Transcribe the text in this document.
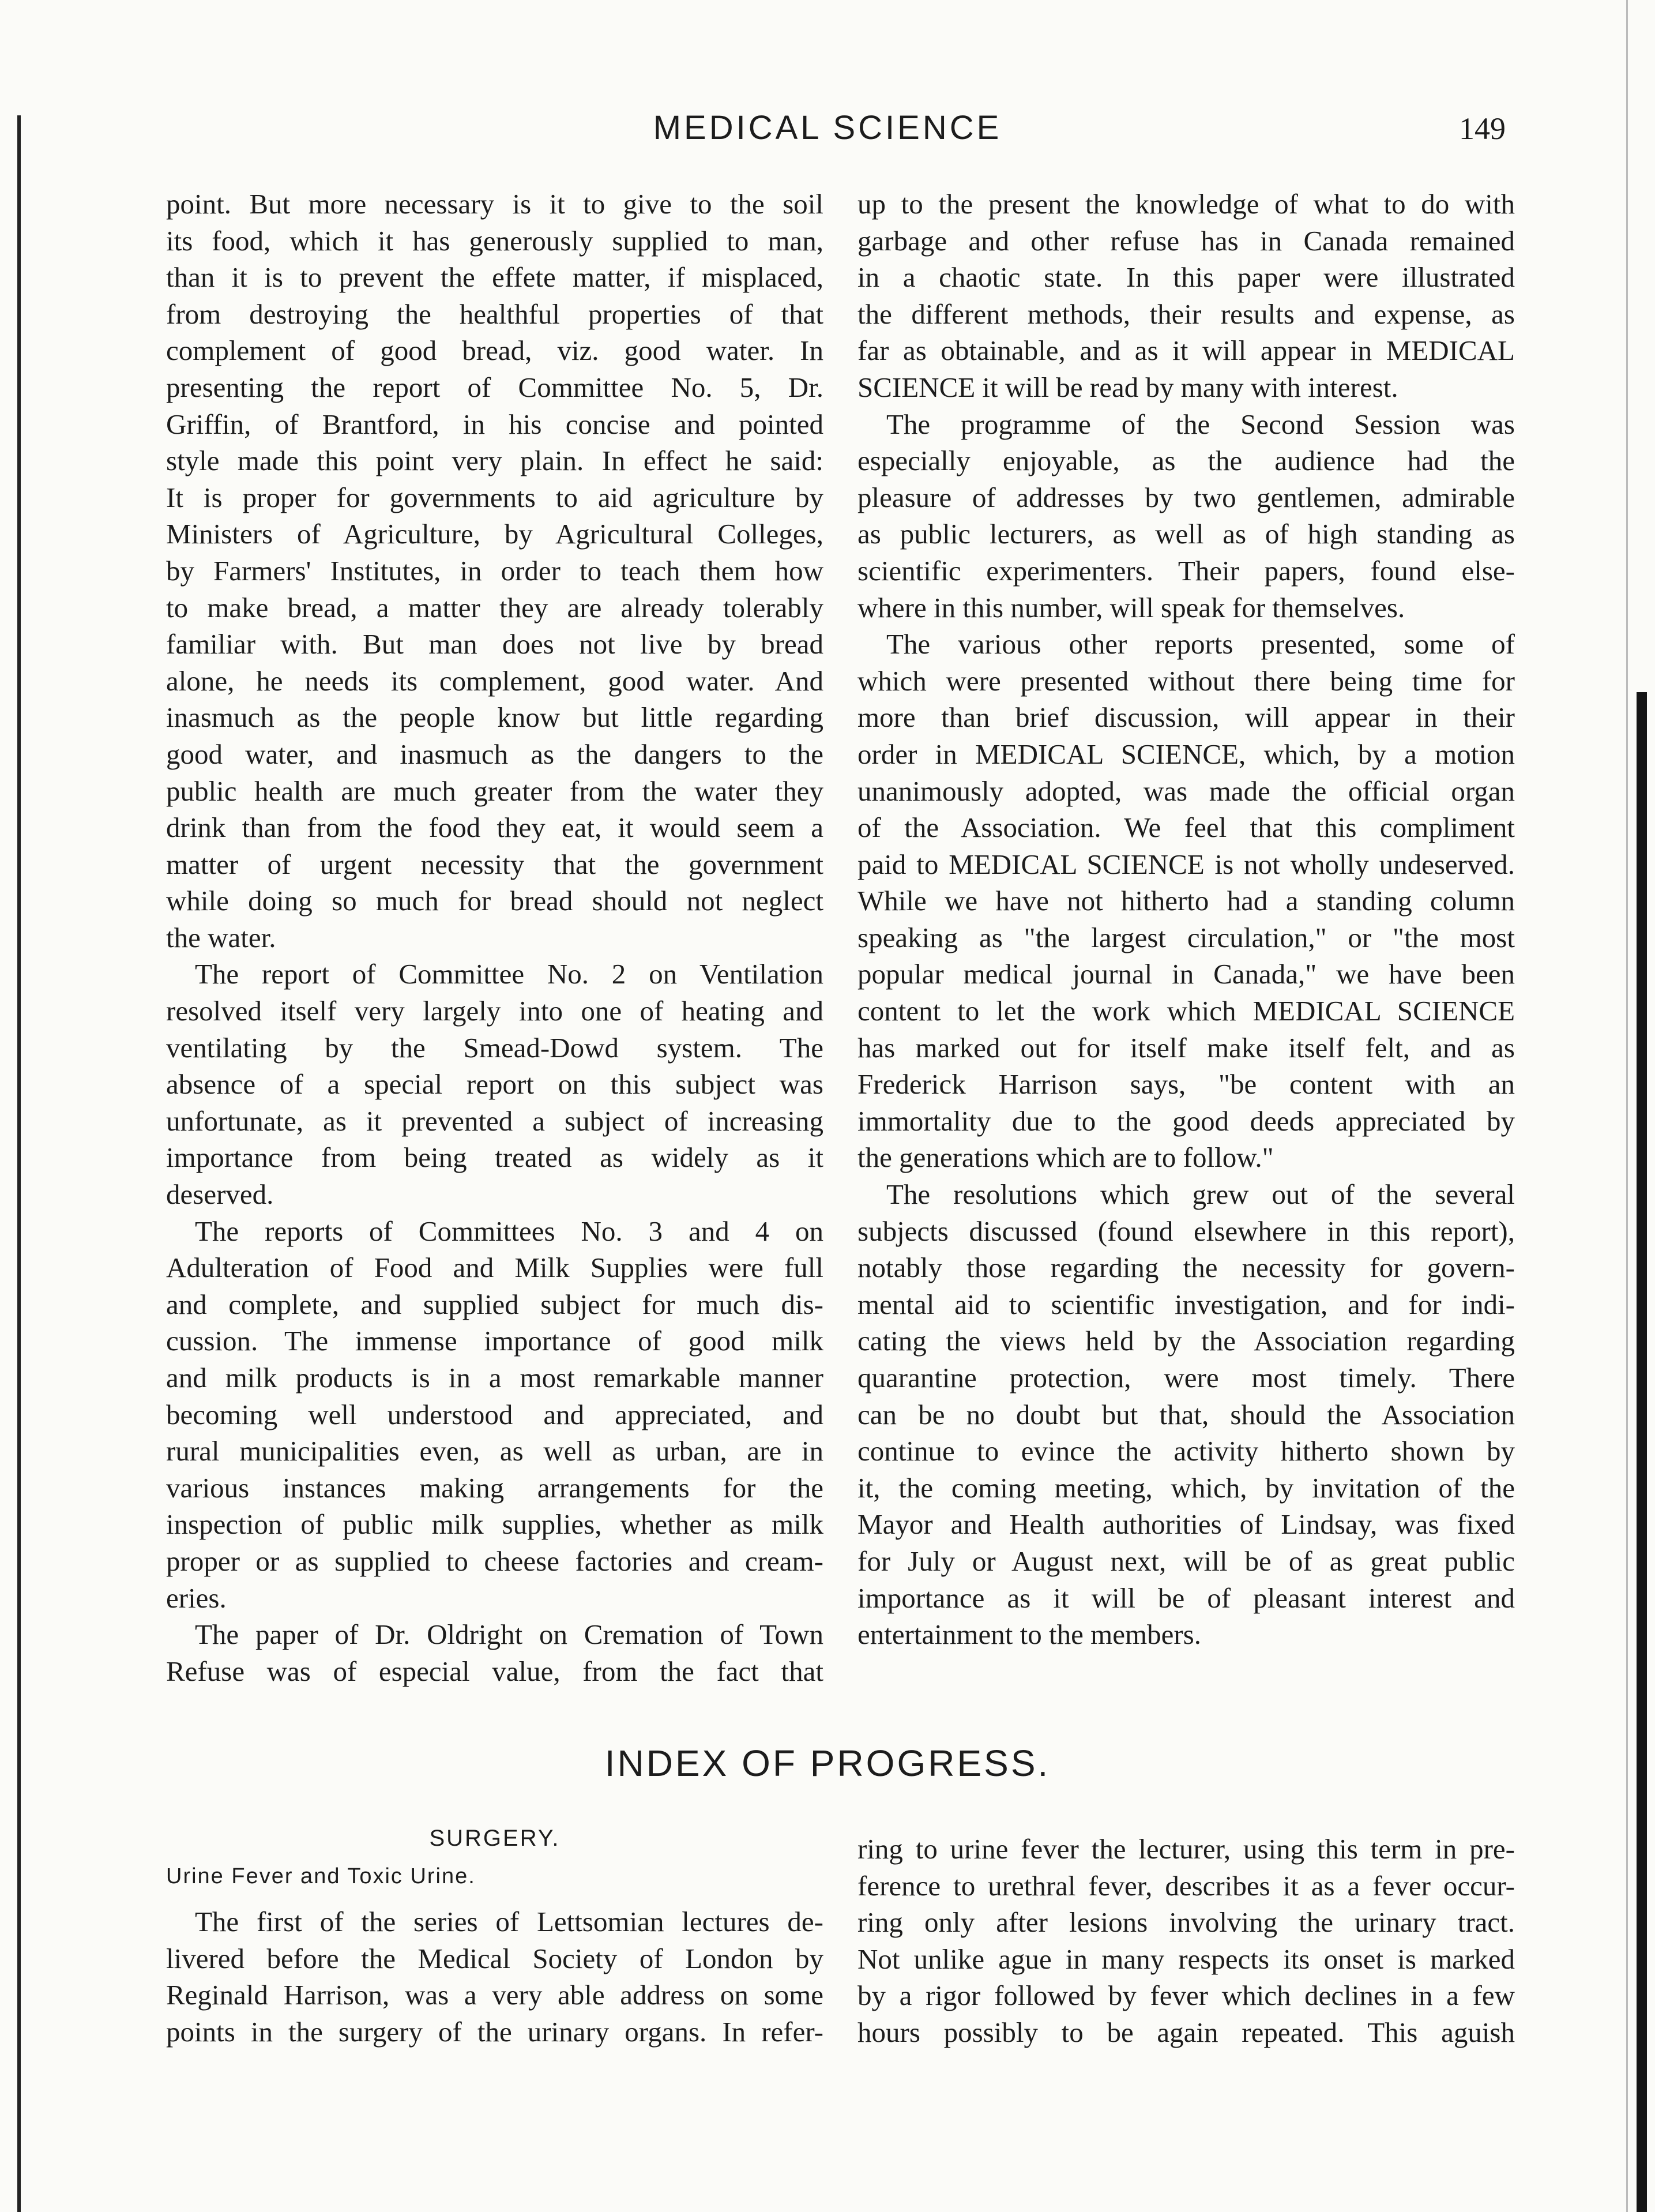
MEDICAL SCIENCE	149
point. But more necessary is it to give to the soil
its food, which it has generously supplied to man,
than it is to prevent the effete matter, if misplaced,
from destroying the healthful properties of that
complement of good bread, viz. good water. In
presenting the report of Committee No. 5, Dr.
Griffin, of Brantford, in his concise and pointed
style made this point very plain. In effect he said:
It is proper for governments to aid agriculture by
Ministers of Agriculture, by Agricultural Colleges,
by Farmers' Institutes, in order to teach them how
to make bread, a matter they are already tolerably
familiar with. But man does not live by bread
alone, he needs its complement, good water. And
inasmuch as the people know but little regarding
good water, and inasmuch as the dangers to the
public health are much greater from the water they
drink than from the food they eat, it would seem a
matter of urgent necessity that the government
while doing so much for bread should not neglect
the water.
The report of Committee No. 2 on Ventilation
resolved itself very largely into one of heating and
ventilating by the Smead-Dowd system. The
absence of a special report on this subject was
unfortunate, as it prevented a subject of increasing
importance from being treated as widely as it
deserved.
The reports of Committees No. 3 and 4 on
Adulteration of Food and Milk Supplies were full
and complete, and supplied subject for much dis-
cussion. The immense importance of good milk
and milk products is in a most remarkable manner
becoming well understood and appreciated, and
rural municipalities even, as well as urban, are in
various instances making arrangements for the
inspection of public milk supplies, whether as milk
proper or as supplied to cheese factories and cream-
eries.
The paper of Dr. Oldright on Cremation of Town
Refuse was of especial value, from the fact that
up to the present the knowledge of what to do with
garbage and other refuse has in Canada remained
in a chaotic state. In this paper were illustrated
the different methods, their results and expense, as
far as obtainable, and as it will appear in MEDICAL
SCIENCE it will be read by many with interest.
The programme of the Second Session was
especially enjoyable, as the audience had the
pleasure of addresses by two gentlemen, admirable
as public lecturers, as well as of high standing as
scientific experimenters. Their papers, found else-
where in this number, will speak for themselves.
The various other reports presented, some of
which were presented without there being time for
more than brief discussion, will appear in their
order in MEDICAL SCIENCE, which, by a motion
unanimously adopted, was made the official organ
of the Association. We feel that this compliment
paid to MEDICAL SCIENCE is not wholly undeserved.
While we have not hitherto had a standing column
speaking as "the largest circulation," or "the most
popular medical journal in Canada," we have been
content to let the work which MEDICAL SCIENCE
has marked out for itself make itself felt, and as
Frederick Harrison says, "be content with an
immortality due to the good deeds appreciated by
the generations which are to follow."
The resolutions which grew out of the several
subjects discussed (found elsewhere in this report),
notably those regarding the necessity for govern-
mental aid to scientific investigation, and for indi-
cating the views held by the Association regarding
quarantine protection, were most timely. There
can be no doubt but that, should the Association
continue to evince the activity hitherto shown by
it, the coming meeting, which, by invitation of the
Mayor and Health authorities of Lindsay, was fixed
for July or August next, will be of as great public
importance as it will be of pleasant interest and
entertainment to the members.
INDEX OF PROGRESS.
SURGERY.
Urine Fever and Toxic Urine.
The first of the series of Lettsomian lectures de-
livered before the Medical Society of London by
Reginald Harrison, was a very able address on some
points in the surgery of the urinary organs. In refer-
ring to urine fever the lecturer, using this term in pre-
ference to urethral fever, describes it as a fever occur-
ring only after lesions involving the urinary tract.
Not unlike ague in many respects its onset is marked
by a rigor followed by fever which declines in a few
hours possibly to be again repeated. This aguish
